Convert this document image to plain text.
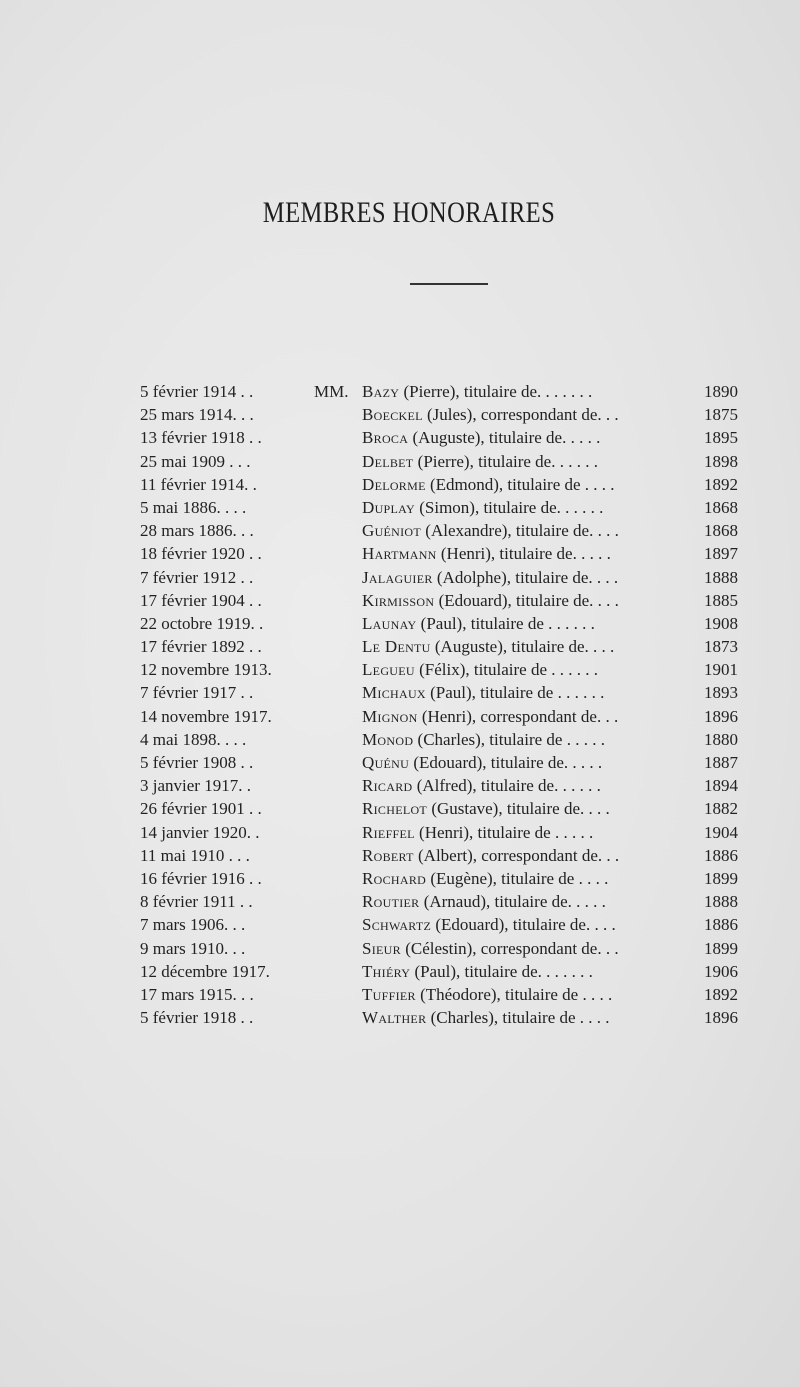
MEMBRES HONORAIRES
MM.
5 février 1914 . .	Bazy (Pierre), titulaire de. . . . . . .	1890
25 mars 1914. . .	Boeckel (Jules), correspondant de. . .	1875
13 février 1918 . .	Broca (Auguste), titulaire de. . . . .	1895
25 mai 1909 . . .	Delbet (Pierre), titulaire de. . . . . .	1898
11 février 1914. .	Delorme (Edmond), titulaire de . . . .	1892
5 mai 1886. . . .	Duplay (Simon), titulaire de. . . . . .	1868
28 mars 1886. . .	Guéniot (Alexandre), titulaire de. . . .	1868
18 février 1920 . .	Hartmann (Henri), titulaire de. . . . .	1897
7 février 1912 . .	Jalaguier (Adolphe), titulaire de. . . .	1888
17 février 1904 . .	Kirmisson (Edouard), titulaire de. . . .	1885
22 octobre 1919. .	Launay (Paul), titulaire de . . . . . .	1908
17 février 1892 . .	Le Dentu (Auguste), titulaire de. . . .	1873
12 novembre 1913.	Legueu (Félix), titulaire de . . . . . .	1901
7 février 1917 . .	Michaux (Paul), titulaire de . . . . . .	1893
14 novembre 1917.	Mignon (Henri), correspondant de. . .	1896
4 mai 1898. . . .	Monod (Charles), titulaire de . . . . .	1880
5 février 1908 . .	Quénu (Edouard), titulaire de. . . . .	1887
3 janvier 1917. .	Ricard (Alfred), titulaire de. . . . . .	1894
26 février 1901 . .	Richelot (Gustave), titulaire de. . . .	1882
14 janvier 1920. .	Rieffel (Henri), titulaire de . . . . .	1904
11 mai 1910 . . .	Robert (Albert), correspondant de. . .	1886
16 février 1916 . .	Rochard (Eugène), titulaire de . . . .	1899
8 février 1911 . .	Routier (Arnaud), titulaire de. . . . .	1888
7 mars 1906. . .	Schwartz (Edouard), titulaire de. . . .	1886
9 mars 1910. . .	Sieur (Célestin), correspondant de. . .	1899
12 décembre 1917.	Thiéry (Paul), titulaire de. . . . . . .	1906
17 mars 1915. . .	Tuffier (Théodore), titulaire de . . . .	1892
5 février 1918 . .	Walther (Charles), titulaire de . . . .	1896
